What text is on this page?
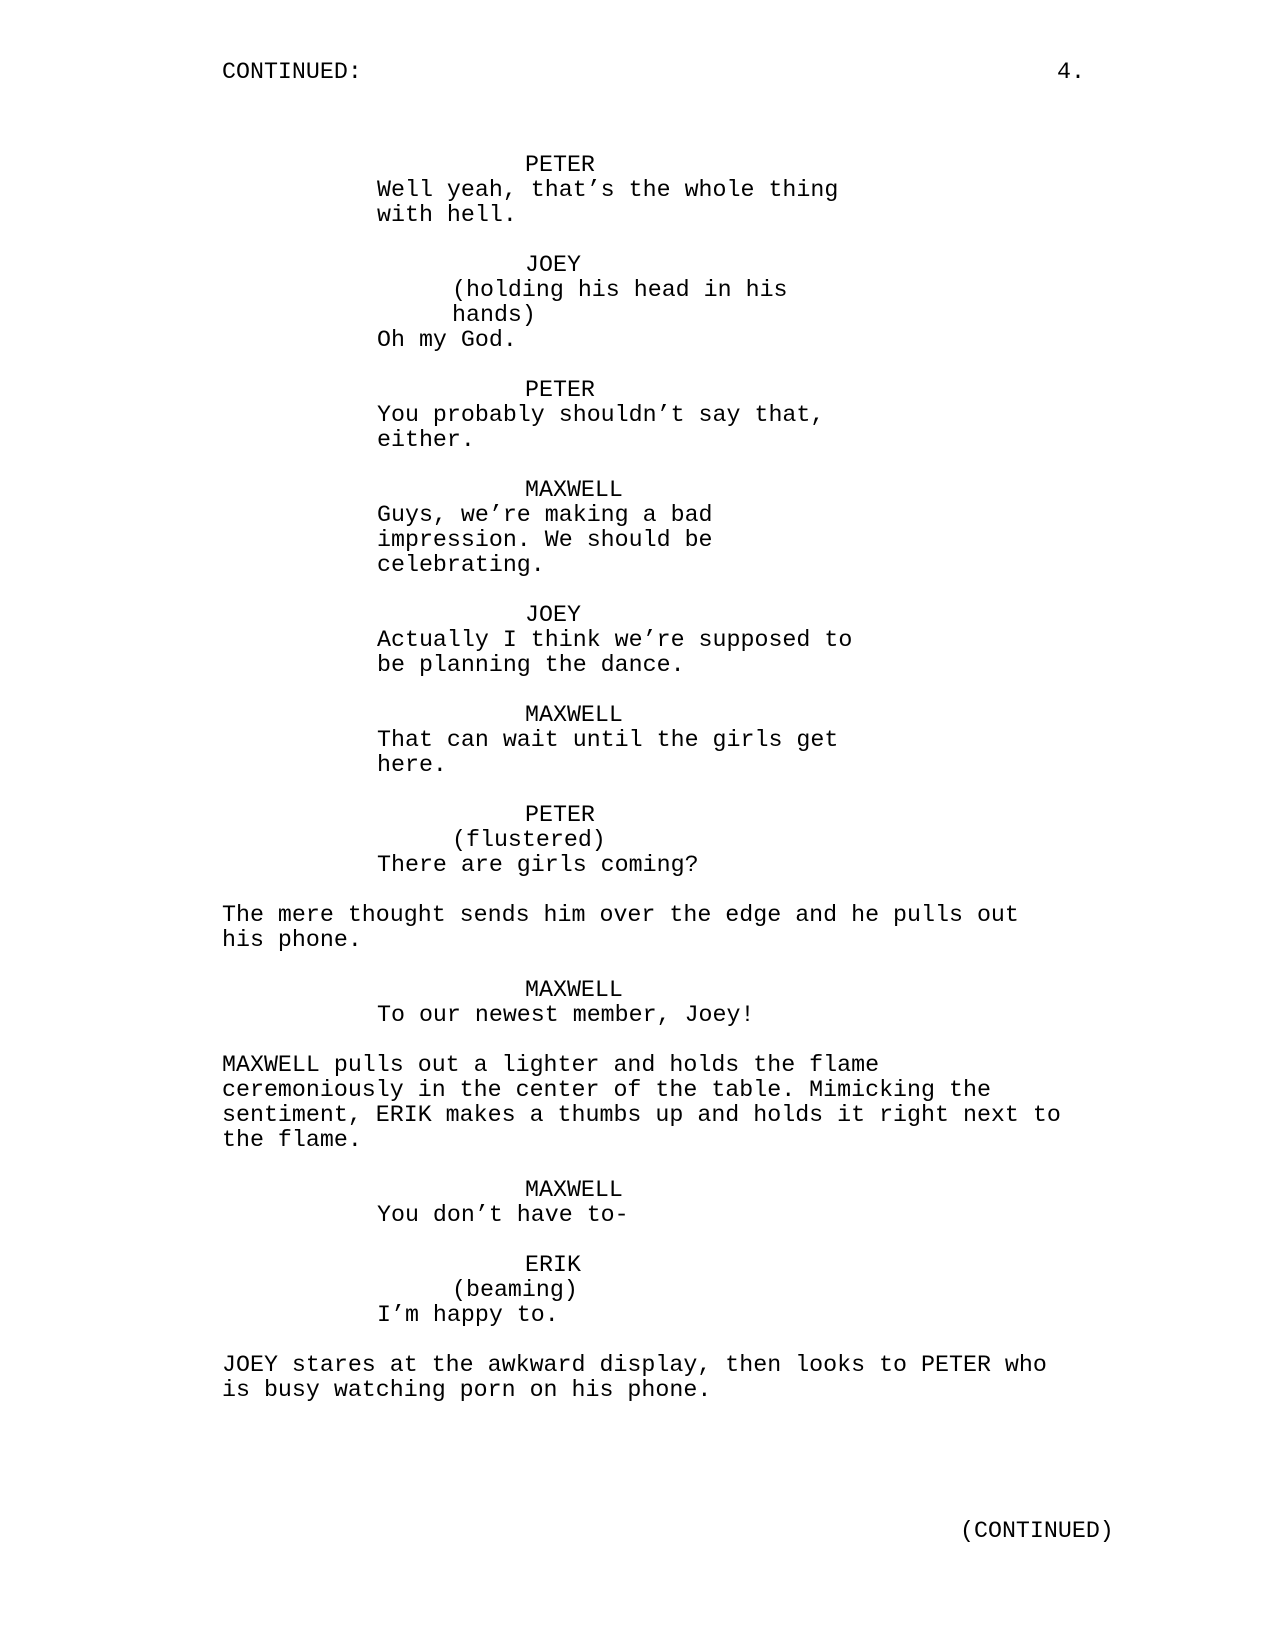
CONTINUED:	4.
PETER
Well yeah, that’s the whole thing
with hell.

JOEY
(holding his head in his
hands)
Oh my God.

PETER
You probably shouldn’t say that,
either.

MAXWELL
Guys, we’re making a bad
impression. We should be
celebrating.

JOEY
Actually I think we’re supposed to
be planning the dance.

MAXWELL
That can wait until the girls get
here.

PETER
(flustered)
There are girls coming?

The mere thought sends him over the edge and he pulls out
his phone.

MAXWELL
To our newest member, Joey!

MAXWELL pulls out a lighter and holds the flame
ceremoniously in the center of the table. Mimicking the
sentiment, ERIK makes a thumbs up and holds it right next to
the flame.

MAXWELL
You don’t have to-

ERIK
(beaming)
I’m happy to.

JOEY stares at the awkward display, then looks to PETER who
is busy watching porn on his phone.
(CONTINUED)
